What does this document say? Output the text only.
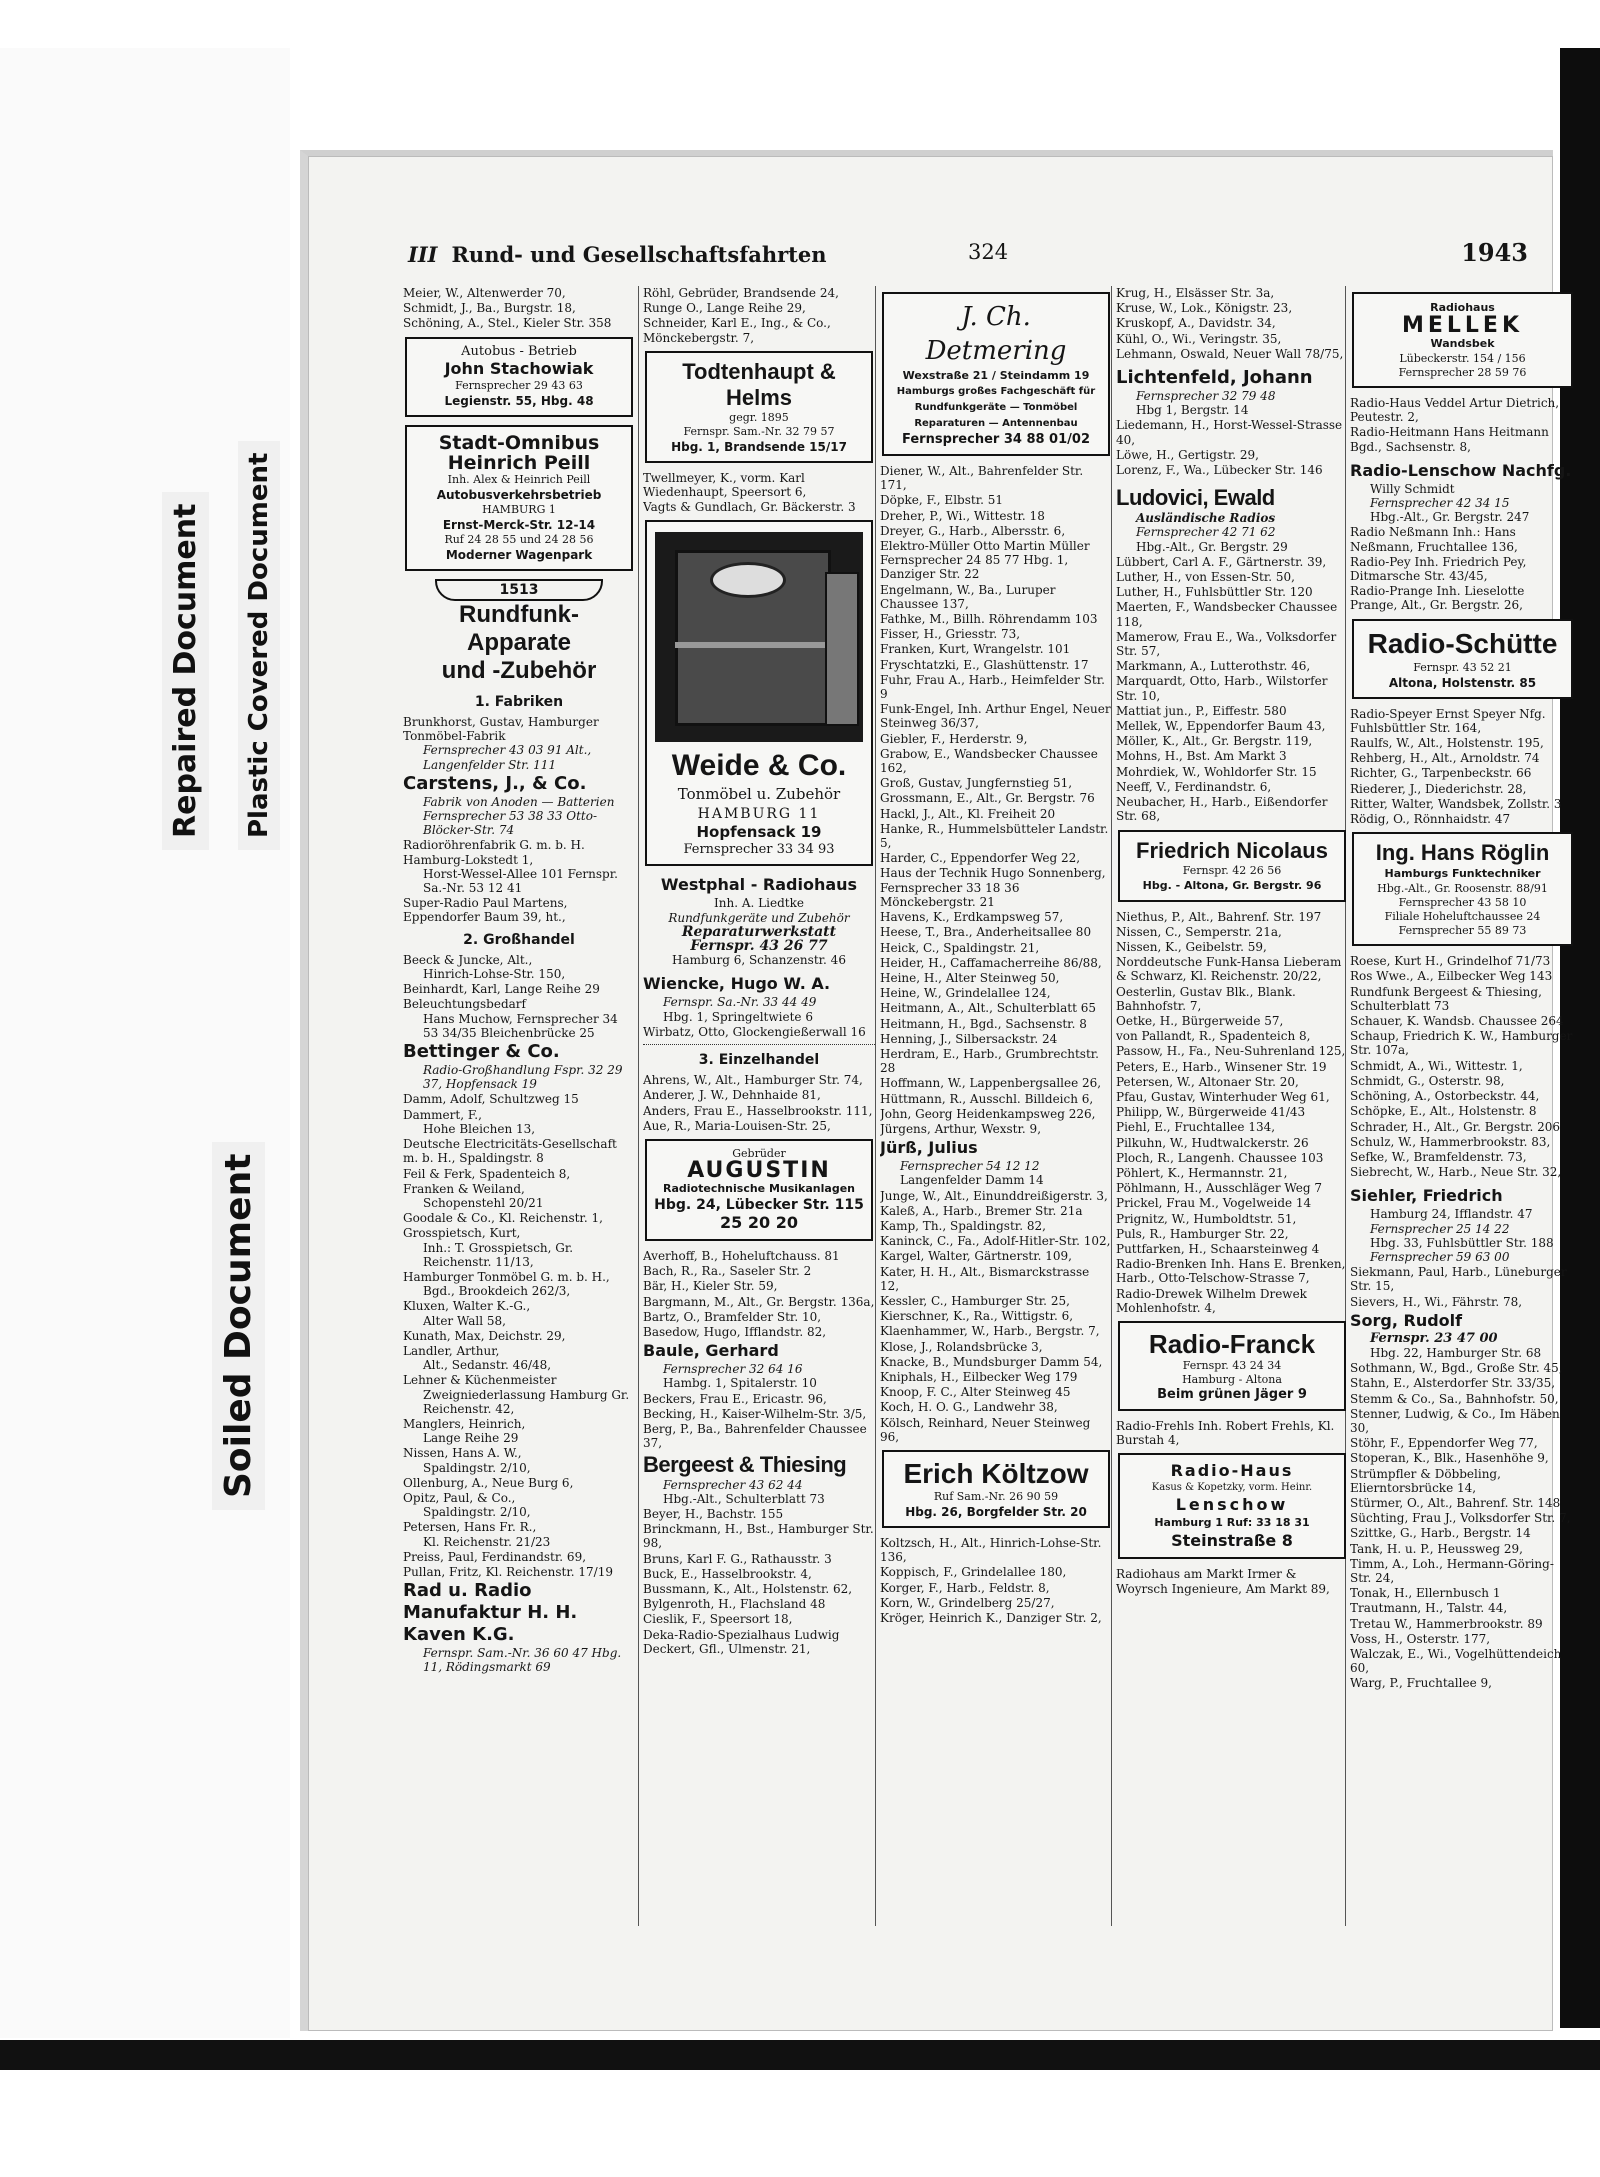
Repaired Document Plastic Covered Document
Soiled Document
III Rund- und Gesellschaftsfahrten	324	1943
Meier, W., Altenwerder 70,
Schmidt, J., Ba., Burgstr. 18,
Schöning, A., Stel., Kieler Str. 358
Autobus - Betrieb
John Stachowiak
Fernsprecher 29 43 63
Legienstr. 55, Hbg. 48
Stadt-Omnibus
Heinrich Peill
Inh. Alex & Heinrich Peill
Autobusverkehrsbetrieb
HAMBURG 1
Ernst-Merck-Str. 12-14
Ruf 24 28 55 und 24 28 56
Moderner Wagenpark
1513
Rundfunk-
Apparate
und -Zubehör
1. Fabriken
Brunkhorst, Gustav, Hamburger Tonmöbel-Fabrik
Fernsprecher 43 03 91 Alt., Langenfelder Str. 111
Carstens, J., & Co.
Fabrik von Anoden — Batterien Fernsprecher 53 38 33 Otto-Blöcker-Str. 74
Radioröhrenfabrik G. m. b. H. Hamburg-Lokstedt 1,
Horst-Wessel-Allee 101 Fernspr. Sa.-Nr. 53 12 41
Super-Radio Paul Martens, Eppendorfer Baum 39, ht.,
2. Großhandel
Beeck & Juncke, Alt.,
Hinrich-Lohse-Str. 150,
Beinhardt, Karl, Lange Reihe 29
Beleuchtungsbedarf
Hans Muchow, Fernsprecher 34 53 34/35 Bleichenbrücke 25
Bettinger & Co.
Radio-Großhandlung Fspr. 32 29 37, Hopfensack 19
Damm, Adolf, Schultzweg 15
Dammert, F.,
Hohe Bleichen 13,
Deutsche Electricitäts-Gesellschaft m. b. H., Spaldingstr. 8
Feil & Ferk, Spadenteich 8,
Franken & Weiland,
Schopenstehl 20/21
Goodale & Co., Kl. Reichenstr. 1,
Grosspietsch, Kurt,
Inh.: T. Grosspietsch, Gr. Reichenstr. 11/13,
Hamburger Tonmöbel G. m. b. H.,
Bgd., Brookdeich 262/3,
Kluxen, Walter K.-G.,
Alter Wall 58,
Kunath, Max, Deichstr. 29,
Landler, Arthur,
Alt., Sedanstr. 46/48,
Lehner & Küchenmeister
Zweigniederlassung Hamburg Gr. Reichenstr. 42,
Manglers, Heinrich,
Lange Reihe 29
Nissen, Hans A. W.,
Spaldingstr. 2/10,
Ollenburg, A., Neue Burg 6,
Opitz, Paul, & Co.,
Spaldingstr. 2/10,
Petersen, Hans Fr. R.,
Kl. Reichenstr. 21/23
Preiss, Paul, Ferdinandstr. 69,
Pullan, Fritz, Kl. Reichenstr. 17/19
Rad u. Radio Manufaktur H. H. Kaven K.G.
Fernspr. Sam.-Nr. 36 60 47 Hbg. 11, Rödingsmarkt 69
Röhl, Gebrüder, Brandsende 24,
Runge O., Lange Reihe 29,
Schneider, Karl E., Ing., & Co., Mönckebergstr. 7,
Todtenhaupt & Helms
gegr. 1895
Fernspr. Sam.-Nr. 32 79 57
Hbg. 1, Brandsende 15/17
Twellmeyer, K., vorm. Karl Wiedenhaupt, Speersort 6,
Vagts & Gundlach, Gr. Bäckerstr. 3
Weide & Co.
Tonmöbel u. Zubehör
HAMBURG 11
Hopfensack 19
Fernsprecher 33 34 93
Westphal - Radiohaus
Inh. A. Liedtke
Rundfunkgeräte und Zubehör
Reparaturwerkstatt
Fernspr. 43 26 77
Hamburg 6, Schanzenstr. 46
Wiencke, Hugo W. A.
Fernspr. Sa.-Nr. 33 44 49
Hbg. 1, Springeltwiete 6
Wirbatz, Otto, Glockengießerwall 16
3. Einzelhandel
Ahrens, W., Alt., Hamburger Str. 74,
Anderer, J. W., Dehnhaide 81,
Anders, Frau E., Hasselbrookstr. 111,
Aue, R., Maria-Louisen-Str. 25,
Gebrüder
AUGUSTIN
Radiotechnische Musikanlagen
Hbg. 24, Lübecker Str. 115
25 20 20
Averhoff, B., Hoheluftchauss. 81
Bach, R., Ra., Saseler Str. 2
Bär, H., Kieler Str. 59,
Bargmann, M., Alt., Gr. Bergstr. 136a,
Bartz, O., Bramfelder Str. 10,
Basedow, Hugo, Ifflandstr. 82,
Baule, Gerhard
Fernsprecher 32 64 16
Hambg. 1, Spitalerstr. 10
Beckers, Frau E., Ericastr. 96,
Becking, H., Kaiser-Wilhelm-Str. 3/5,
Berg, P., Ba., Bahrenfelder Chaussee 37,
Bergeest & Thiesing
Fernsprecher 43 62 44
Hbg.-Alt., Schulterblatt 73
Beyer, H., Bachstr. 155
Brinckmann, H., Bst., Hamburger Str. 98,
Bruns, Karl F. G., Rathausstr. 3
Buck, E., Hasselbrookstr. 4,
Bussmann, K., Alt., Holstenstr. 62,
Bylgenroth, H., Flachsland 48
Cieslik, F., Speersort 18,
Deka-Radio-Spezialhaus Ludwig Deckert, Gfl., Ulmenstr. 21,
J. Ch. Detmering
Wexstraße 21 / Steindamm 19
Hamburgs großes Fachgeschäft für
Rundfunkgeräte — Tonmöbel
Reparaturen — Antennenbau
Fernsprecher 34 88 01/02
Diener, W., Alt., Bahrenfelder Str. 171,
Döpke, F., Elbstr. 51
Dreher, P., Wi., Wittestr. 18
Dreyer, G., Harb., Albersstr. 6,
Elektro-Müller Otto Martin Müller Fernsprecher 24 85 77 Hbg. 1, Danziger Str. 22
Engelmann, W., Ba., Luruper Chaussee 137,
Fathke, M., Billh. Röhrendamm 103
Fisser, H., Griesstr. 73,
Franken, Kurt, Wrangelstr. 101
Fryschtatzki, E., Glashüttenstr. 17
Fuhr, Frau A., Harb., Heimfelder Str. 9
Funk-Engel, Inh. Arthur Engel, Neuer Steinweg 36/37,
Giebler, F., Herderstr. 9,
Grabow, E., Wandsbecker Chaussee 162,
Groß, Gustav, Jungfernstieg 51,
Grossmann, E., Alt., Gr. Bergstr. 76
Hackl, J., Alt., Kl. Freiheit 20
Hanke, R., Hummelsbütteler Landstr. 5,
Harder, C., Eppendorfer Weg 22,
Haus der Technik Hugo Sonnenberg, Fernsprecher 33 18 36 Mönckebergstr. 21
Havens, K., Erdkampsweg 57,
Heese, T., Bra., Anderheitsallee 80
Heick, C., Spaldingstr. 21,
Heider, H., Caffamacherreihe 86/88,
Heine, H., Alter Steinweg 50,
Heine, W., Grindelallee 124,
Heitmann, A., Alt., Schulterblatt 65
Heitmann, H., Bgd., Sachsenstr. 8
Henning, J., Silbersackstr. 24
Herdram, E., Harb., Grumbrechtstr. 28
Hoffmann, W., Lappenbergsallee 26,
Hüttmann, R., Ausschl. Billdeich 6,
John, Georg Heidenkampsweg 226,
Jürgens, Arthur, Wexstr. 9,
Jürß, Julius
Fernsprecher 54 12 12
Langenfelder Damm 14
Junge, W., Alt., Einunddreißigerstr. 3,
Kaleß, A., Harb., Bremer Str. 21a
Kamp, Th., Spaldingstr. 82,
Kaninck, C., Fa., Adolf-Hitler-Str. 102,
Kargel, Walter, Gärtnerstr. 109,
Kater, H. H., Alt., Bismarckstrasse 12,
Kessler, C., Hamburger Str. 25,
Kierschner, K., Ra., Wittigstr. 6,
Klaenhammer, W., Harb., Bergstr. 7,
Klose, J., Rolandsbrücke 3,
Knacke, B., Mundsburger Damm 54,
Kniphals, H., Eilbecker Weg 179
Knoop, F. C., Alter Steinweg 45
Koch, H. O. G., Landwehr 38,
Kölsch, Reinhard, Neuer Steinweg 96,
Erich Költzow
Ruf Sam.-Nr. 26 90 59
Hbg. 26, Borgfelder Str. 20
Koltzsch, H., Alt., Hinrich-Lohse-Str. 136,
Koppisch, F., Grindelallee 180,
Korger, F., Harb., Feldstr. 8,
Korn, W., Grindelberg 25/27,
Kröger, Heinrich K., Danziger Str. 2,
Krug, H., Elsässer Str. 3a,
Kruse, W., Lok., Königstr. 23,
Kruskopf, A., Davidstr. 34,
Kühl, O., Wi., Veringstr. 35,
Lehmann, Oswald, Neuer Wall 78/75,
Lichtenfeld, Johann
Fernsprecher 32 79 48
Hbg 1, Bergstr. 14
Liedemann, H., Horst-Wessel-Strasse 40,
Löwe, H., Gertigstr. 29,
Lorenz, F., Wa., Lübecker Str. 146
Ludovici, Ewald
Ausländische Radios
Fernsprecher 42 71 62
Hbg.-Alt., Gr. Bergstr. 29
Lübbert, Carl A. F., Gärtnerstr. 39,
Luther, H., von Essen-Str. 50,
Luther, H., Fuhlsbüttler Str. 120
Maerten, F., Wandsbecker Chaussee 118,
Mamerow, Frau E., Wa., Volksdorfer Str. 57,
Markmann, A., Lutterothstr. 46,
Marquardt, Otto, Harb., Wilstorfer Str. 10,
Mattiat jun., P., Eiffestr. 580
Mellek, W., Eppendorfer Baum 43,
Möller, K., Alt., Gr. Bergstr. 119,
Mohns, H., Bst. Am Markt 3
Mohrdiek, W., Wohldorfer Str. 15
Neeff, V., Ferdinandstr. 6,
Neubacher, H., Harb., Eißendorfer Str. 68,
Friedrich Nicolaus
Fernspr. 42 26 56
Hbg. - Altona, Gr. Bergstr. 96
Niethus, P., Alt., Bahrenf. Str. 197
Nissen, C., Semperstr. 21a,
Nissen, K., Geibelstr. 59,
Norddeutsche Funk-Hansa Lieberam & Schwarz, Kl. Reichenstr. 20/22,
Oesterlin, Gustav Blk., Blank. Bahnhofstr. 7,
Oetke, H., Bürgerweide 57,
von Pallandt, R., Spadenteich 8,
Passow, H., Fa., Neu-Suhrenland 125,
Peters, E., Harb., Winsener Str. 19
Petersen, W., Altonaer Str. 20,
Pfau, Gustav, Winterhuder Weg 61,
Philipp, W., Bürgerweide 41/43
Piehl, E., Fruchtallee 134,
Pilkuhn, W., Hudtwalckerstr. 26
Ploch, R., Langenh. Chaussee 103
Pöhlert, K., Hermannstr. 21,
Pöhlmann, H., Ausschläger Weg 7
Prickel, Frau M., Vogelweide 14
Prignitz, W., Humboldtstr. 51,
Puls, R., Hamburger Str. 22,
Puttfarken, H., Schaarsteinweg 4
Radio-Brenken Inh. Hans E. Brenken, Harb., Otto-Telschow-Strasse 7,
Radio-Drewek Wilhelm Drewek Mohlenhofstr. 4,
Radio-Franck
Fernspr. 43 24 34
Hamburg - Altona
Beim grünen Jäger 9
Radio-Frehls Inh. Robert Frehls, Kl. Burstah 4,
Radio-Haus
Kasus & Kopetzky, vorm. Heinr.
Lenschow
Hamburg 1 Ruf: 33 18 31
Steinstraße 8
Radiohaus am Markt Irmer & Woyrsch Ingenieure, Am Markt 89,
Radiohaus
MELLEK
Wandsbek
Lübeckerstr. 154 / 156
Fernsprecher 28 59 76
Radio-Haus Veddel Artur Dietrich, Peutestr. 2,
Radio-Heitmann Hans Heitmann Bgd., Sachsenstr. 8,
Radio-Lenschow Nachfg.
Willy Schmidt
Fernsprecher 42 34 15
Hbg.-Alt., Gr. Bergstr. 247
Radio Neßmann Inh.: Hans Neßmann, Fruchtallee 136,
Radio-Pey Inh. Friedrich Pey, Ditmarsche Str. 43/45,
Radio-Prange Inh. Lieselotte Prange, Alt., Gr. Bergstr. 26,
Radio-Schütte
Fernspr. 43 52 21
Altona, Holstenstr. 85
Radio-Speyer Ernst Speyer Nfg. Fuhlsbüttler Str. 164,
Raulfs, W., Alt., Holstenstr. 195,
Rehberg, H., Alt., Arnoldstr. 74
Richter, G., Tarpenbeckstr. 66
Riederer, J., Diederichstr. 28,
Ritter, Walter, Wandsbek, Zollstr. 3
Rödig, O., Rönnhaidstr. 47
Ing. Hans Röglin
Hamburgs Funktechniker
Hbg.-Alt., Gr. Roosenstr. 88/91
Fernsprecher 43 58 10
Filiale Hoheluftchaussee 24
Fernsprecher 55 89 73
Roese, Kurt H., Grindelhof 71/73
Ros Wwe., A., Eilbecker Weg 143
Rundfunk Bergeest & Thiesing, Schulterblatt 73
Schauer, K. Wandsb. Chaussee 264
Schaup, Friedrich K. W., Hamburger Str. 107a,
Schmidt, A., Wi., Wittestr. 1,
Schmidt, G., Osterstr. 98,
Schöning, A., Ostorbeckstr. 44,
Schöpke, E., Alt., Holstenstr. 8
Schrader, H., Alt., Gr. Bergstr. 206
Schulz, W., Hammerbrookstr. 83,
Sefke, W., Bramfeldenstr. 73,
Siebrecht, W., Harb., Neue Str. 32,
Siehler, Friedrich
Hamburg 24, Ifflandstr. 47
Fernsprecher 25 14 22
Hbg. 33, Fuhlsbüttler Str. 188
Fernsprecher 59 63 00
Siekmann, Paul, Harb., Lüneburger Str. 15,
Sievers, H., Wi., Fährstr. 78,
Sorg, Rudolf
Fernspr. 23 47 00
Hbg. 22, Hamburger Str. 68
Sothmann, W., Bgd., Große Str. 45,
Stahn, E., Alsterdorfer Str. 33/35,
Stemm & Co., Sa., Bahnhofstr. 50,
Stenner, Ludwig, & Co., Im Häben 30,
Stöhr, F., Eppendorfer Weg 77,
Stoperan, K., Blk., Hasenhöhe 9,
Strümpfler & Döbbeling, Elierntorsbrücke 14,
Stürmer, O., Alt., Bahrenf. Str. 148
Süchting, Frau J., Volksdorfer Str. 7,
Szittke, G., Harb., Bergstr. 14
Tank, H. u. P., Heussweg 29,
Timm, A., Loh., Hermann-Göring-Str. 24,
Tonak, H., Ellernbusch 1
Trautmann, H., Talstr. 44,
Tretau W., Hammerbrookstr. 89
Voss, H., Osterstr. 177,
Walczak, E., Wi., Vogelhüttendeich 60,
Warg, P., Fruchtallee 9,
